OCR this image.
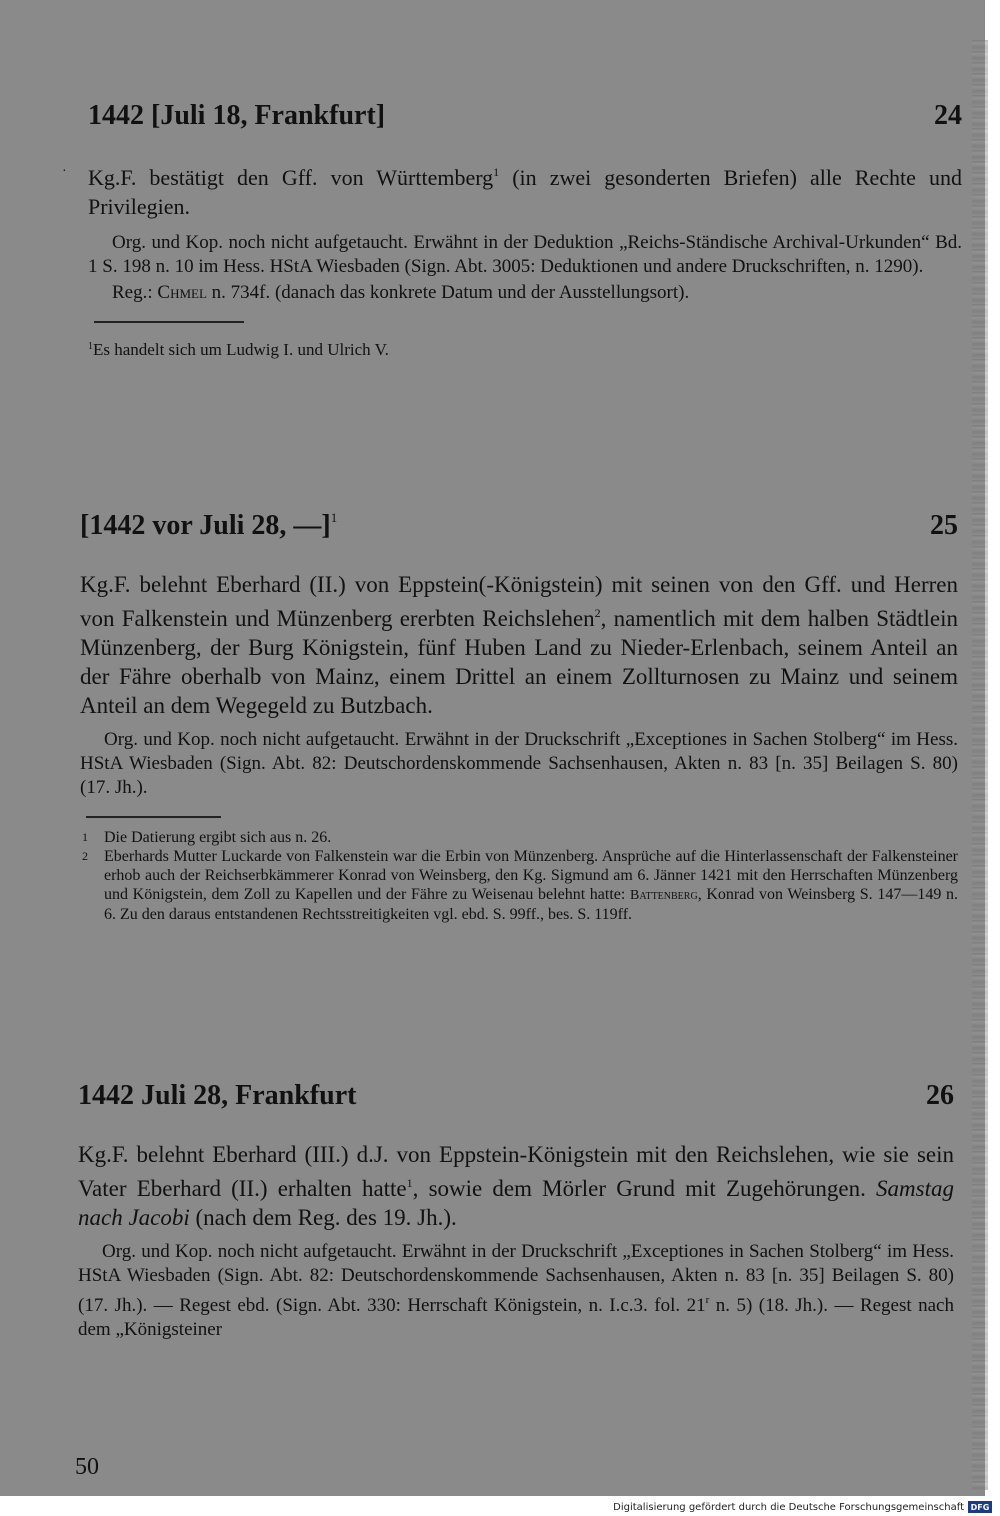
·
1442 [Juli 18, Frankfurt]	24

Kg.F. bestätigt den Gff. von Württemberg$^1$ (in zwei gesonderten Briefen) alle Rechte und Privilegien.

Org. und Kop. noch nicht aufgetaucht. Erwähnt in der Deduktion „Reichs-Ständische Archival-Urkunden“ Bd. 1 S. 198 n. 10 im Hess. HStA Wiesbaden (Sign. Abt. 3005: Deduktionen und andere Druckschriften, n. 1290).

Reg.: Chmel n. 734f. (danach das konkrete Datum und der Ausstellungsort).

$^1$Es handelt sich um Ludwig I. und Ulrich V.

[1442 vor Juli 28, —]$^1$	25

Kg.F. belehnt Eberhard (II.) von Eppstein(-Königstein) mit seinen von den Gff. und Herren von Falkenstein und Münzenberg ererbten Reichslehen$^2$, namentlich mit dem halben Städtlein Münzenberg, der Burg Königstein, fünf Huben Land zu Nieder-Erlenbach, seinem Anteil an der Fähre oberhalb von Mainz, einem Drittel an einem Zollturnosen zu Mainz und seinem Anteil an dem Wegegeld zu Butzbach.

Org. und Kop. noch nicht aufgetaucht. Erwähnt in der Druckschrift „Exceptiones in Sachen Stolberg“ im Hess. HStA Wiesbaden (Sign. Abt. 82: Deutschordenskommende Sachsenhausen, Akten n. 83 [n. 35] Beilagen S. 80) (17. Jh.).

1 Die Datierung ergibt sich aus n. 26.
2 Eberhards Mutter Luckarde von Falkenstein war die Erbin von Münzenberg. Ansprüche auf die Hinterlassenschaft der Falkensteiner erhob auch der Reichserbkämmerer Konrad von Weinsberg, den Kg. Sigmund am 6. Jänner 1421 mit den Herrschaften Münzenberg und Königstein, dem Zoll zu Kapellen und der Fähre zu Weisenau belehnt hatte: Battenberg, Konrad von Weinsberg S. 147—149 n. 6. Zu den daraus entstandenen Rechtsstreitigkeiten vgl. ebd. S. 99ff., bes. S. 119ff.
1442 Juli 28, Frankfurt	26

Kg.F. belehnt Eberhard (III.) d.J. von Eppstein-Königstein mit den Reichslehen, wie sie sein Vater Eberhard (II.) erhalten hatte$^1$, sowie dem Mörler Grund mit Zugehörungen. Samstag nach Jacobi (nach dem Reg. des 19. Jh.).

Org. und Kop. noch nicht aufgetaucht. Erwähnt in der Druckschrift „Exceptiones in Sachen Stolberg“ im Hess. HStA Wiesbaden (Sign. Abt. 82: Deutschordenskommende Sachsenhausen, Akten n. 83 [n. 35] Beilagen S. 80) (17. Jh.). — Regest ebd. (Sign. Abt. 330: Herrschaft Königstein, n. I.c.3. fol. 21$^r$ n. 5) (18. Jh.). — Regest nach dem „Königsteiner

50
Digitalisierung gefördert durch die Deutsche Forschungsgemeinschaft DFG
